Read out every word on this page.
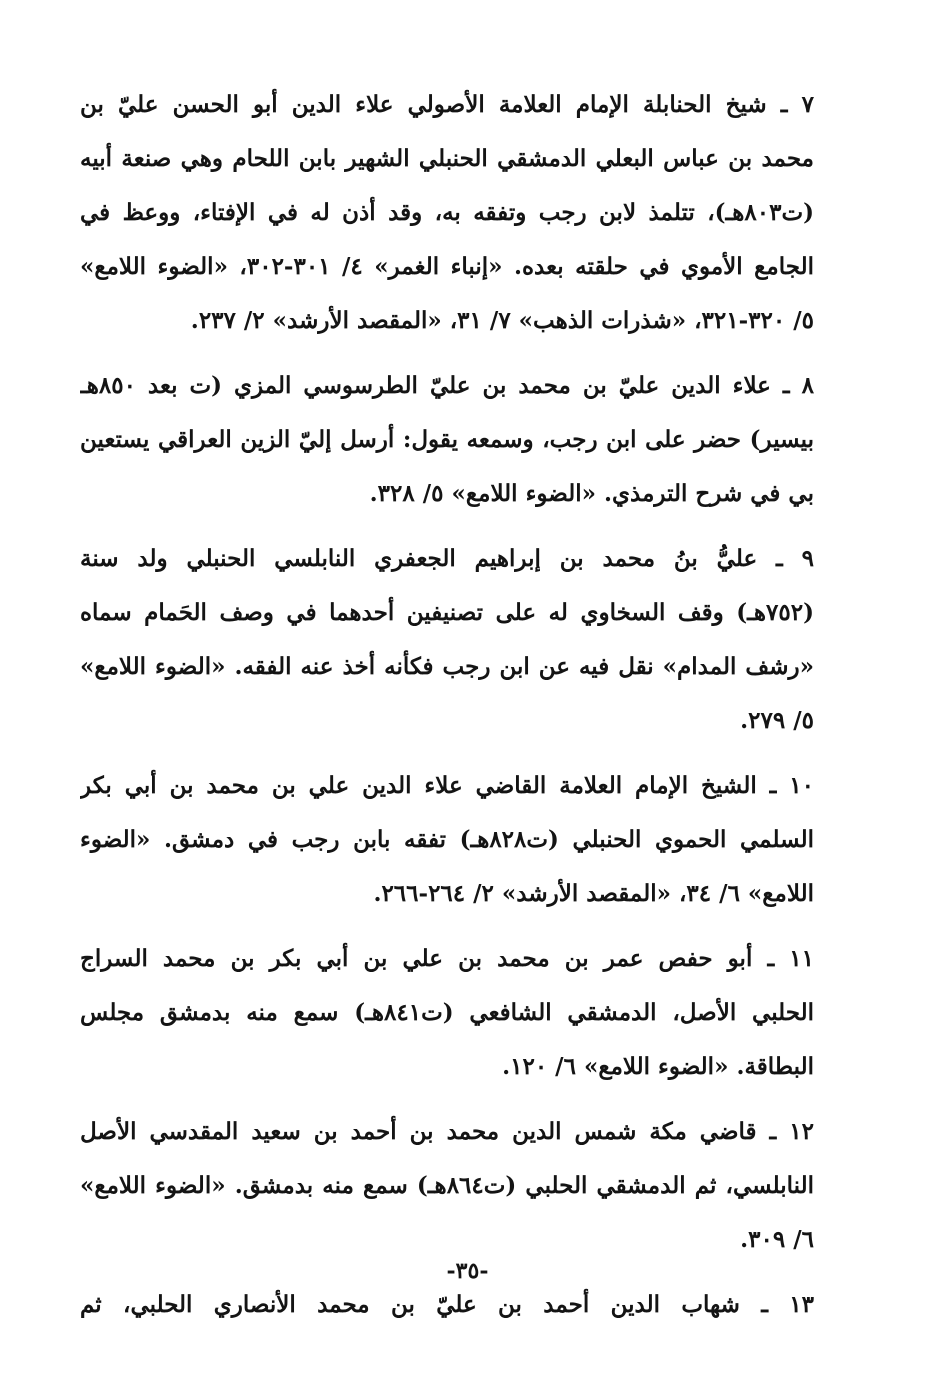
٧ ـ شيخ الحنابلة الإمام العلامة الأصولي علاء الدين أبو الحسن عليّ بن
محمد بن عباس البعلي الدمشقي الحنبلي الشهير بابن اللحام وهي صنعة أبيه
(ت٨٠٣هـ)، تتلمذ لابن رجب وتفقه به، وقد أذن له في الإفتاء، ووعظ في
الجامع الأموي في حلقته بعده. «إنباء الغمر» ٤/ ٣٠١-٣٠٢، «الضوء اللامع»
٥/ ٣٢٠-٣٢١، «شذرات الذهب» ٧/ ٣١، «المقصد الأرشد» ٢/ ٢٣٧.
٨ ـ علاء الدين عليّ بن محمد بن عليّ الطرسوسي المزي (ت بعد ٨٥٠هـ
بيسير) حضر على ابن رجب، وسمعه يقول: أرسل إليّ الزين العراقي يستعين
بي في شرح الترمذي. «الضوء اللامع» ٥/ ٣٢٨.
٩ ـ عليُّ بنُ محمد بن إبراهيم الجعفري النابلسي الحنبلي ولد سنة
(٧٥٢هـ) وقف السخاوي له على تصنيفين أحدهما في وصف الحَمام سماه
«رشف المدام» نقل فيه عن ابن رجب فكأنه أخذ عنه الفقه. «الضوء اللامع»
٥/ ٢٧٩.
١٠ ـ الشيخ الإمام العلامة القاضي علاء الدين علي بن محمد بن أبي بكر
السلمي الحموي الحنبلي (ت٨٢٨هـ) تفقه بابن رجب في دمشق. «الضوء
اللامع» ٦/ ٣٤، «المقصد الأرشد» ٢/ ٢٦٤-٢٦٦.
١١ ـ أبو حفص عمر بن محمد بن علي بن أبي بكر بن محمد السراج
الحلبي الأصل، الدمشقي الشافعي (ت٨٤١هـ) سمع منه بدمشق مجلس
البطاقة. «الضوء اللامع» ٦/ ١٢٠.
١٢ ـ قاضي مكة شمس الدين محمد بن أحمد بن سعيد المقدسي الأصل
النابلسي، ثم الدمشقي الحلبي (ت٨٦٤هـ) سمع منه بدمشق. «الضوء اللامع»
٦/ ٣٠٩.
١٣ ـ شهاب الدين أحمد بن عليّ بن محمد الأنصاري الحلبي، ثم
-٣٥-
